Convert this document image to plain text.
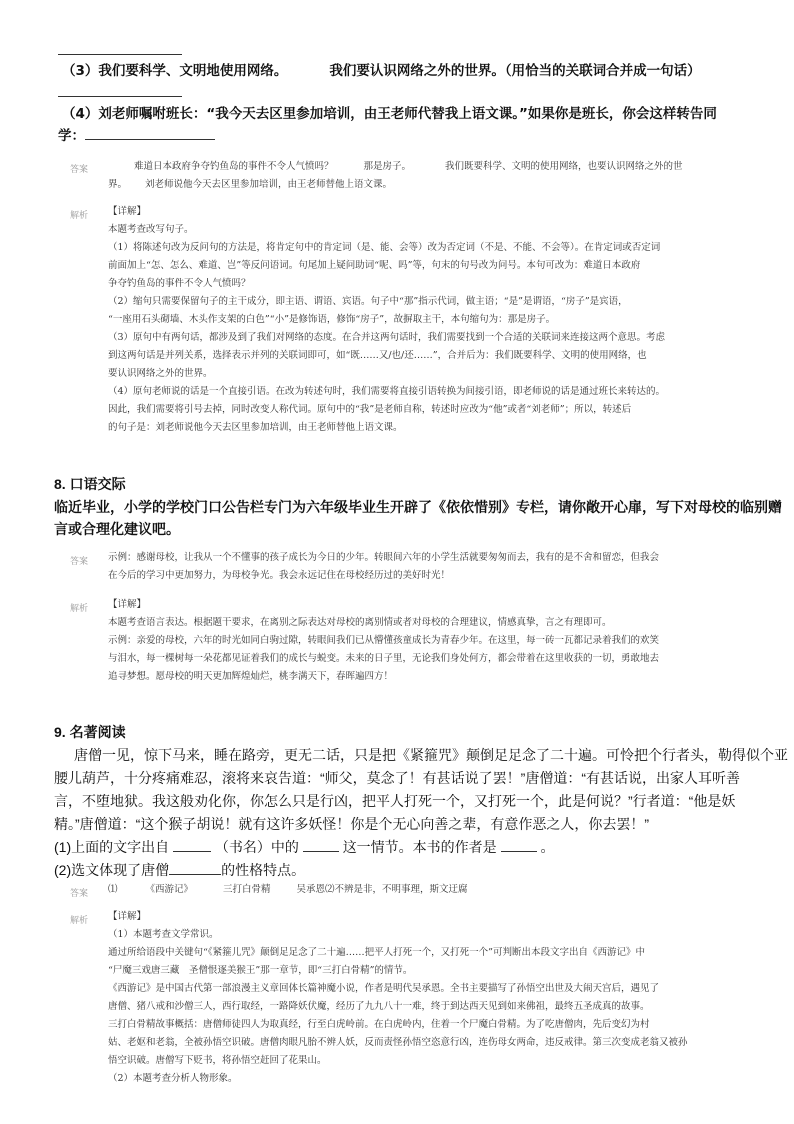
（3）我们要科学、文明地使用网络。	我们要认识网络之外的世界。（用恰当的关联词合并成一句话）
（4）刘老师嘱咐班长：“我今天去区里参加培训，由王老师代替我上语文课。”如果你是班长，你会这样转告同
学：
答案	难道日本政府争夺钓鱼岛的事件不令人气愤吗？	那是房子。	我们既要科学、文明的使用网络，也要认识网络之外的世
界。 刘老师说他今天去区里参加培训，由王老师替他上语文课。
解析 【详解】

本题考查改写句子。

（1）将陈述句改为反问句的方法是，将肯定句中的肯定词（是、能、会等）改为否定词（不是、不能、不会等）。在肯定词或否定词

前面加上“怎、怎么、难道、岂”等反问语词。句尾加上疑问助词“呢、吗”等，句末的句号改为问号。本句可改为：难道日本政府

争夺钓鱼岛的事件不令人气愤吗？

（2）缩句只需要保留句子的主干成分，即主语、谓语、宾语。句子中“那”指示代词，做主语；“是”是谓语，“房子”是宾语，

“一座用石头砌墙、木头作支架的白色”“小”是修饰语，修饰“房子”，故摒取主干，本句缩句为：那是房子。

（3）原句中有两句话，都涉及到了我们对网络的态度。在合并这两句话时，我们需要找到一个合适的关联词来连接这两个意思。考虑

到这两句话是并列关系，选择表示并列的关联词即可，如“既……又/也/还……”，合并后为：我们既要科学、文明的使用网络，也

要认识网络之外的世界。

（4）原句老师说的话是一个直接引语。在改为转述句时，我们需要将直接引语转换为间接引语，即老师说的话是通过班长来转达的。

因此，我们需要将引号去掉，同时改变人称代词。原句中的“我”是老师自称，转述时应改为“他”或者“刘老师”；所以，转述后

的句子是：刘老师说他今天去区里参加培训，由王老师替他上语文课。

8. 口语交际
临近毕业，小学的学校门口公告栏专门为六年级毕业生开辟了《依依惜别》专栏，请你敞开心扉，写下对母校的临别赠
言或合理化建议吧。
答案 示例：感谢母校，让我从一个不懂事的孩子成长为今日的少年。转眼间六年的小学生活就要匆匆而去，我有的是不舍和留恋，但我会
在今后的学习中更加努力，为母校争光。我会永远记住在母校经历过的美好时光！
解析 【详解】

本题考查语言表达。根据题干要求，在离别之际表达对母校的离别情或者对母校的合理建议，情感真挚，言之有理即可。

示例：亲爱的母校，六年的时光如同白驹过隙，转眼间我们已从懵懂孩童成长为青春少年。在这里，每一砖一瓦都记录着我们的欢笑

与泪水，每一棵树每一朵花都见证着我们的成长与蜕变。未来的日子里，无论我们身处何方，都会带着在这里收获的一切，勇敢地去

追寻梦想。愿母校的明天更加辉煌灿烂，桃李满天下，春晖遍四方！

9. 名著阅读
唐僧一见，惊下马来，睡在路旁，更无二话，只是把《紧箍咒》颠倒足足念了二十遍。可怜把个行者头，勒得似个亚
腰儿葫芦，十分疼痛难忍，滚将来哀告道：“师父，莫念了！有甚话说了罢！”唐僧道：“有甚话说，出家人耳听善
言，不堕地狱。我这般劝化你，你怎么只是行凶，把平人打死一个，又打死一个，此是何说？”行者道：“他是妖
精。”唐僧道：“这个猴子胡说！就有这许多妖怪！你是个无心向善之辈，有意作恶之人，你去罢！”
(1)上面的文字出自	（书名）中的	这一情节。本书的作者是	。
(2)选文体现了唐僧	的性格特点。
答案 ⑴	《西游记》	三打白骨精	吴承恩⑵不辨是非，不明事理，斯文迂腐
解析 【详解】

（1）本题考查文学常识。

通过所给语段中关键句“《紧箍儿咒》颠倒足足念了二十遍……把平人打死一个，又打死一个”可判断出本段文字出自《西游记》中

“尸魔三戏唐三藏　圣僧恨逐美猴王”那一章节，即“三打白骨精”的情节。

《西游记》是中国古代第一部浪漫主义章回体长篇神魔小说，作者是明代吴承恩。全书主要描写了孙悟空出世及大闹天宫后，遇见了

唐僧、猪八戒和沙僧三人，西行取经，一路降妖伏魔，经历了九九八十一难，终于到达西天见到如来佛祖，最终五圣成真的故事。

三打白骨精故事概括：唐僧师徒四人为取真经，行至白虎岭前。在白虎岭内，住着一个尸魔白骨精。为了吃唐僧肉，先后变幻为村

姑、老妪和老翁，全被孙悟空识破。唐僧肉眼凡胎不辨人妖，反而责怪孙悟空恣意行凶，连伤母女两命，违反戒律。第三次变成老翁又被孙

悟空识破。唐僧写下贬书，将孙悟空赶回了花果山。

（2）本题考查分析人物形象。
